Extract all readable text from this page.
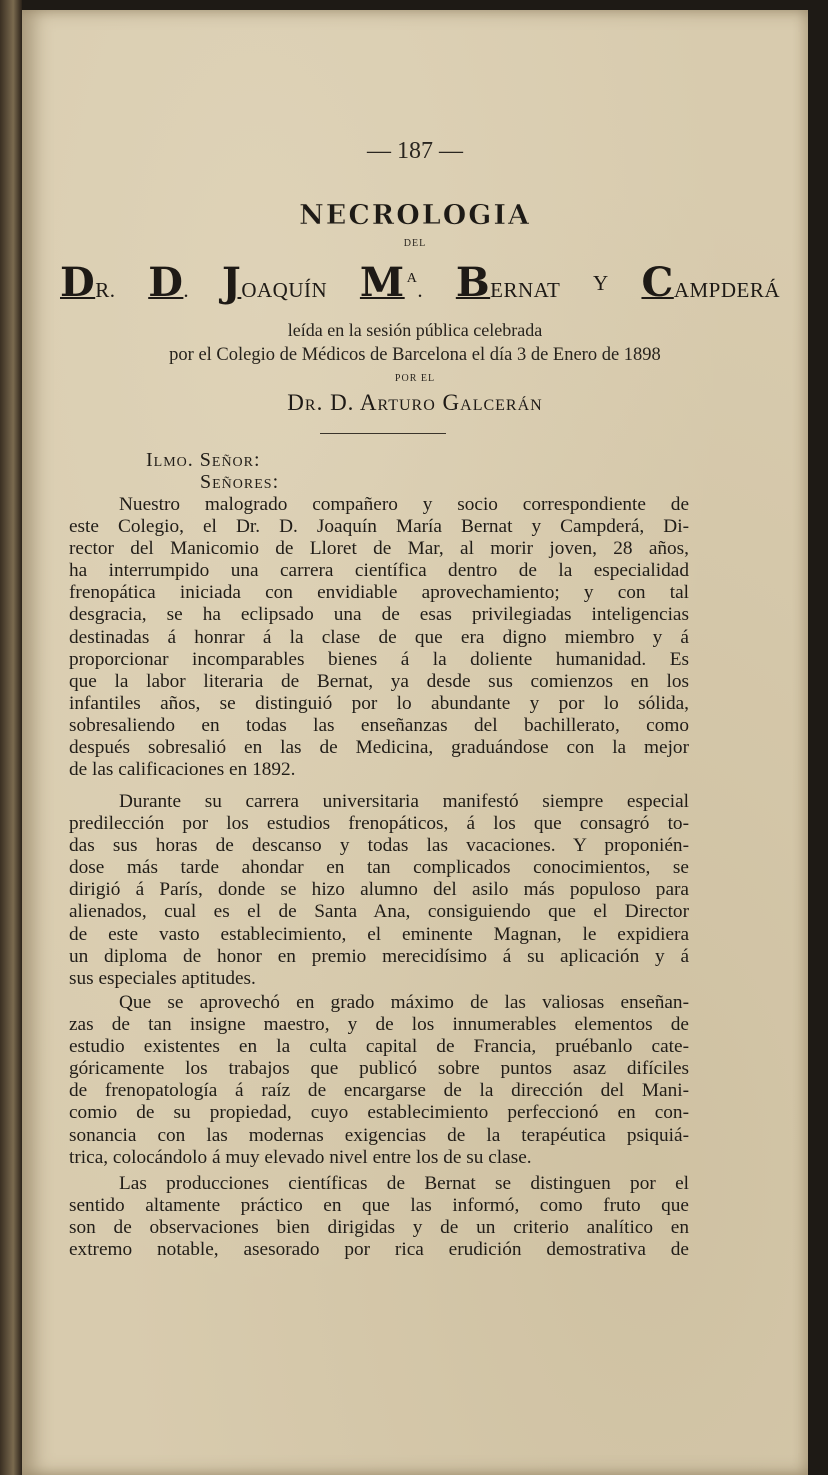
— 187 —
NECROLOGIA
DEL
D R. D . J OAQUÍN M A . B ERNAT Y C AMPDERÁ
leída en la sesión pública celebrada
por el Colegio de Médicos de Barcelona el día 3 de Enero de 1898
POR EL
Dr. D. Arturo Galcerán
Ilmo. Señor:
Señores:
Nuestro malogrado compañero y socio correspondiente de
este Colegio, el Dr. D. Joaquín María Bernat y Campderá, Di-
rector del Manicomio de Lloret de Mar, al morir joven, 28 años,
ha interrumpido una carrera científica dentro de la especialidad
frenopática iniciada con envidiable aprovechamiento; y con tal
desgracia, se ha eclipsado una de esas privilegiadas inteligencias
destinadas á honrar á la clase de que era digno miembro y á
proporcionar incomparables bienes á la doliente humanidad. Es
que la labor literaria de Bernat, ya desde sus comienzos en los
infantiles años, se distinguió por lo abundante y por lo sólida,
sobresaliendo en todas las enseñanzas del bachillerato, como
después sobresalió en las de Medicina, graduándose con la mejor
de las calificaciones en 1892.
Durante su carrera universitaria manifestó siempre especial
predilección por los estudios frenopáticos, á los que consagró to-
das sus horas de descanso y todas las vacaciones. Y proponién-
dose más tarde ahondar en tan complicados conocimientos, se
dirigió á París, donde se hizo alumno del asilo más populoso para
alienados, cual es el de Santa Ana, consiguiendo que el Director
de este vasto establecimiento, el eminente Magnan, le expidiera
un diploma de honor en premio merecidísimo á su aplicación y á
sus especiales aptitudes.
Que se aprovechó en grado máximo de las valiosas enseñan-
zas de tan insigne maestro, y de los innumerables elementos de
estudio existentes en la culta capital de Francia, pruébanlo cate-
góricamente los trabajos que publicó sobre puntos asaz difíciles
de frenopatología á raíz de encargarse de la dirección del Mani-
comio de su propiedad, cuyo establecimiento perfeccionó en con-
sonancia con las modernas exigencias de la terapéutica psiquiá-
trica, colocándolo á muy elevado nivel entre los de su clase.
Las producciones científicas de Bernat se distinguen por el
sentido altamente práctico en que las informó, como fruto que
son de observaciones bien dirigidas y de un criterio analítico en
extremo notable, asesorado por rica erudición demostrativa de
